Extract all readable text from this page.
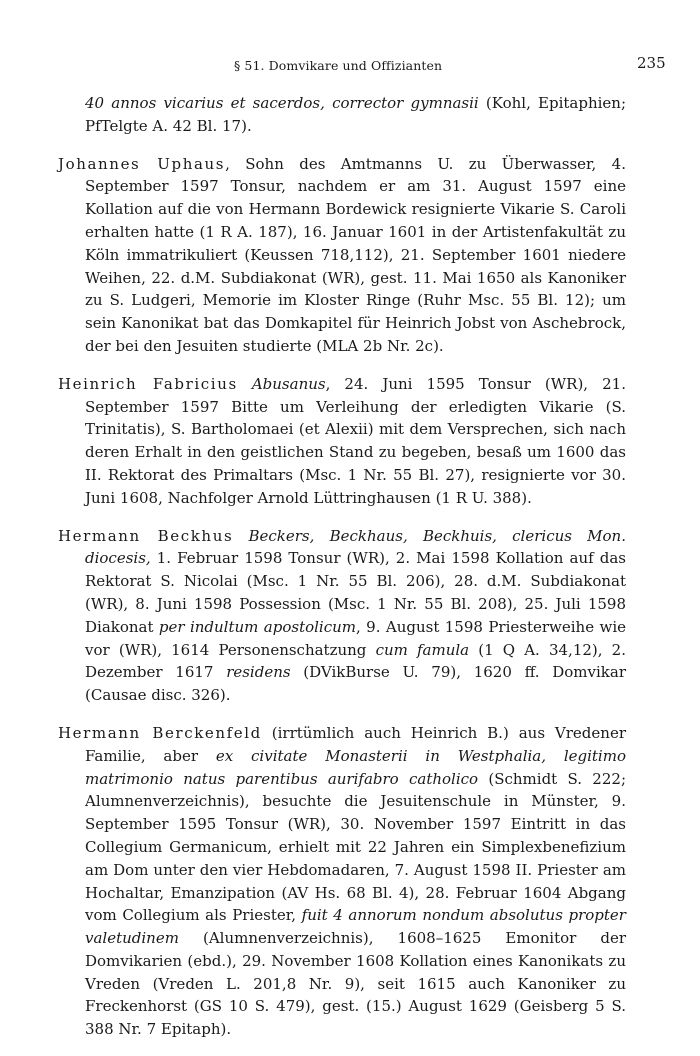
§ 51. Domvikare und Offizianten	235

40 annos vicarius et sacerdos, corrector gymnasii (Kohl, Epitaphien; PfTelgte A. 42 Bl. 17).

Johannes Uphaus, Sohn des Amtmanns U. zu Überwasser, 4. September 1597 Tonsur, nachdem er am 31. August 1597 eine Kollation auf die von Hermann Bordewick resignierte Vikarie S. Caroli erhalten hatte (1 R A. 187), 16. Januar 1601 in der Artistenfakultät zu Köln immatrikuliert (Keussen 718,112), 21. September 1601 niedere Weihen, 22. d.M. Subdiakonat (WR), gest. 11. Mai 1650 als Kanoniker zu S. Ludgeri, Memorie im Kloster Ringe (Ruhr Msc. 55 Bl. 12); um sein Kanonikat bat das Domkapitel für Heinrich Jobst von Aschebrock, der bei den Jesuiten studierte (MLA 2b Nr. 2c).

Heinrich Fabricius Abusanus, 24. Juni 1595 Tonsur (WR), 21. September 1597 Bitte um Verleihung der erledigten Vikarie (S. Trinitatis), S. Bartholomaei (et Alexii) mit dem Versprechen, sich nach deren Erhalt in den geistlichen Stand zu begeben, besaß um 1600 das II. Rektorat des Primaltars (Msc. 1 Nr. 55 Bl. 27), resignierte vor 30. Juni 1608, Nachfolger Arnold Lüttringhausen (1 R U. 388).

Hermann Beckhus Beckers, Beckhaus, Beckhuis, clericus Mon. diocesis, 1. Februar 1598 Tonsur (WR), 2. Mai 1598 Kollation auf das Rektorat S. Nicolai (Msc. 1 Nr. 55 Bl. 206), 28. d.M. Subdiakonat (WR), 8. Juni 1598 Possession (Msc. 1 Nr. 55 Bl. 208), 25. Juli 1598 Diakonat per indultum apostolicum, 9. August 1598 Priesterweihe wie vor (WR), 1614 Personenschatzung cum famula (1 Q A. 34,12), 2. Dezember 1617 residens (DVikBurse U. 79), 1620 ff. Domvikar (Causae disc. 326).

Hermann Berckenfeld (irrtümlich auch Heinrich B.) aus Vredener Familie, aber ex civitate Monasterii in Westphalia, legitimo matrimonio natus parentibus aurifabro catholico (Schmidt S. 222; Alumnenverzeichnis), besuchte die Jesuitenschule in Münster, 9. September 1595 Tonsur (WR), 30. November 1597 Eintritt in das Collegium Germanicum, erhielt mit 22 Jahren ein Simplexbenefizium am Dom unter den vier Hebdomadaren, 7. August 1598 II. Priester am Hochaltar, Emanzipation (AV Hs. 68 Bl. 4), 28. Februar 1604 Abgang vom Collegium als Priester, fuit 4 annorum nondum absolutus propter valetudinem (Alumnenverzeichnis), 1608–1625 Emonitor der Domvikarien (ebd.), 29. November 1608 Kollation eines Kanonikats zu Vreden (Vreden L. 201,8 Nr. 9), seit 1615 auch Kanoniker zu Freckenhorst (GS 10 S. 479), gest. (15.) August 1629 (Geisberg 5 S. 388 Nr. 7 Epitaph).
